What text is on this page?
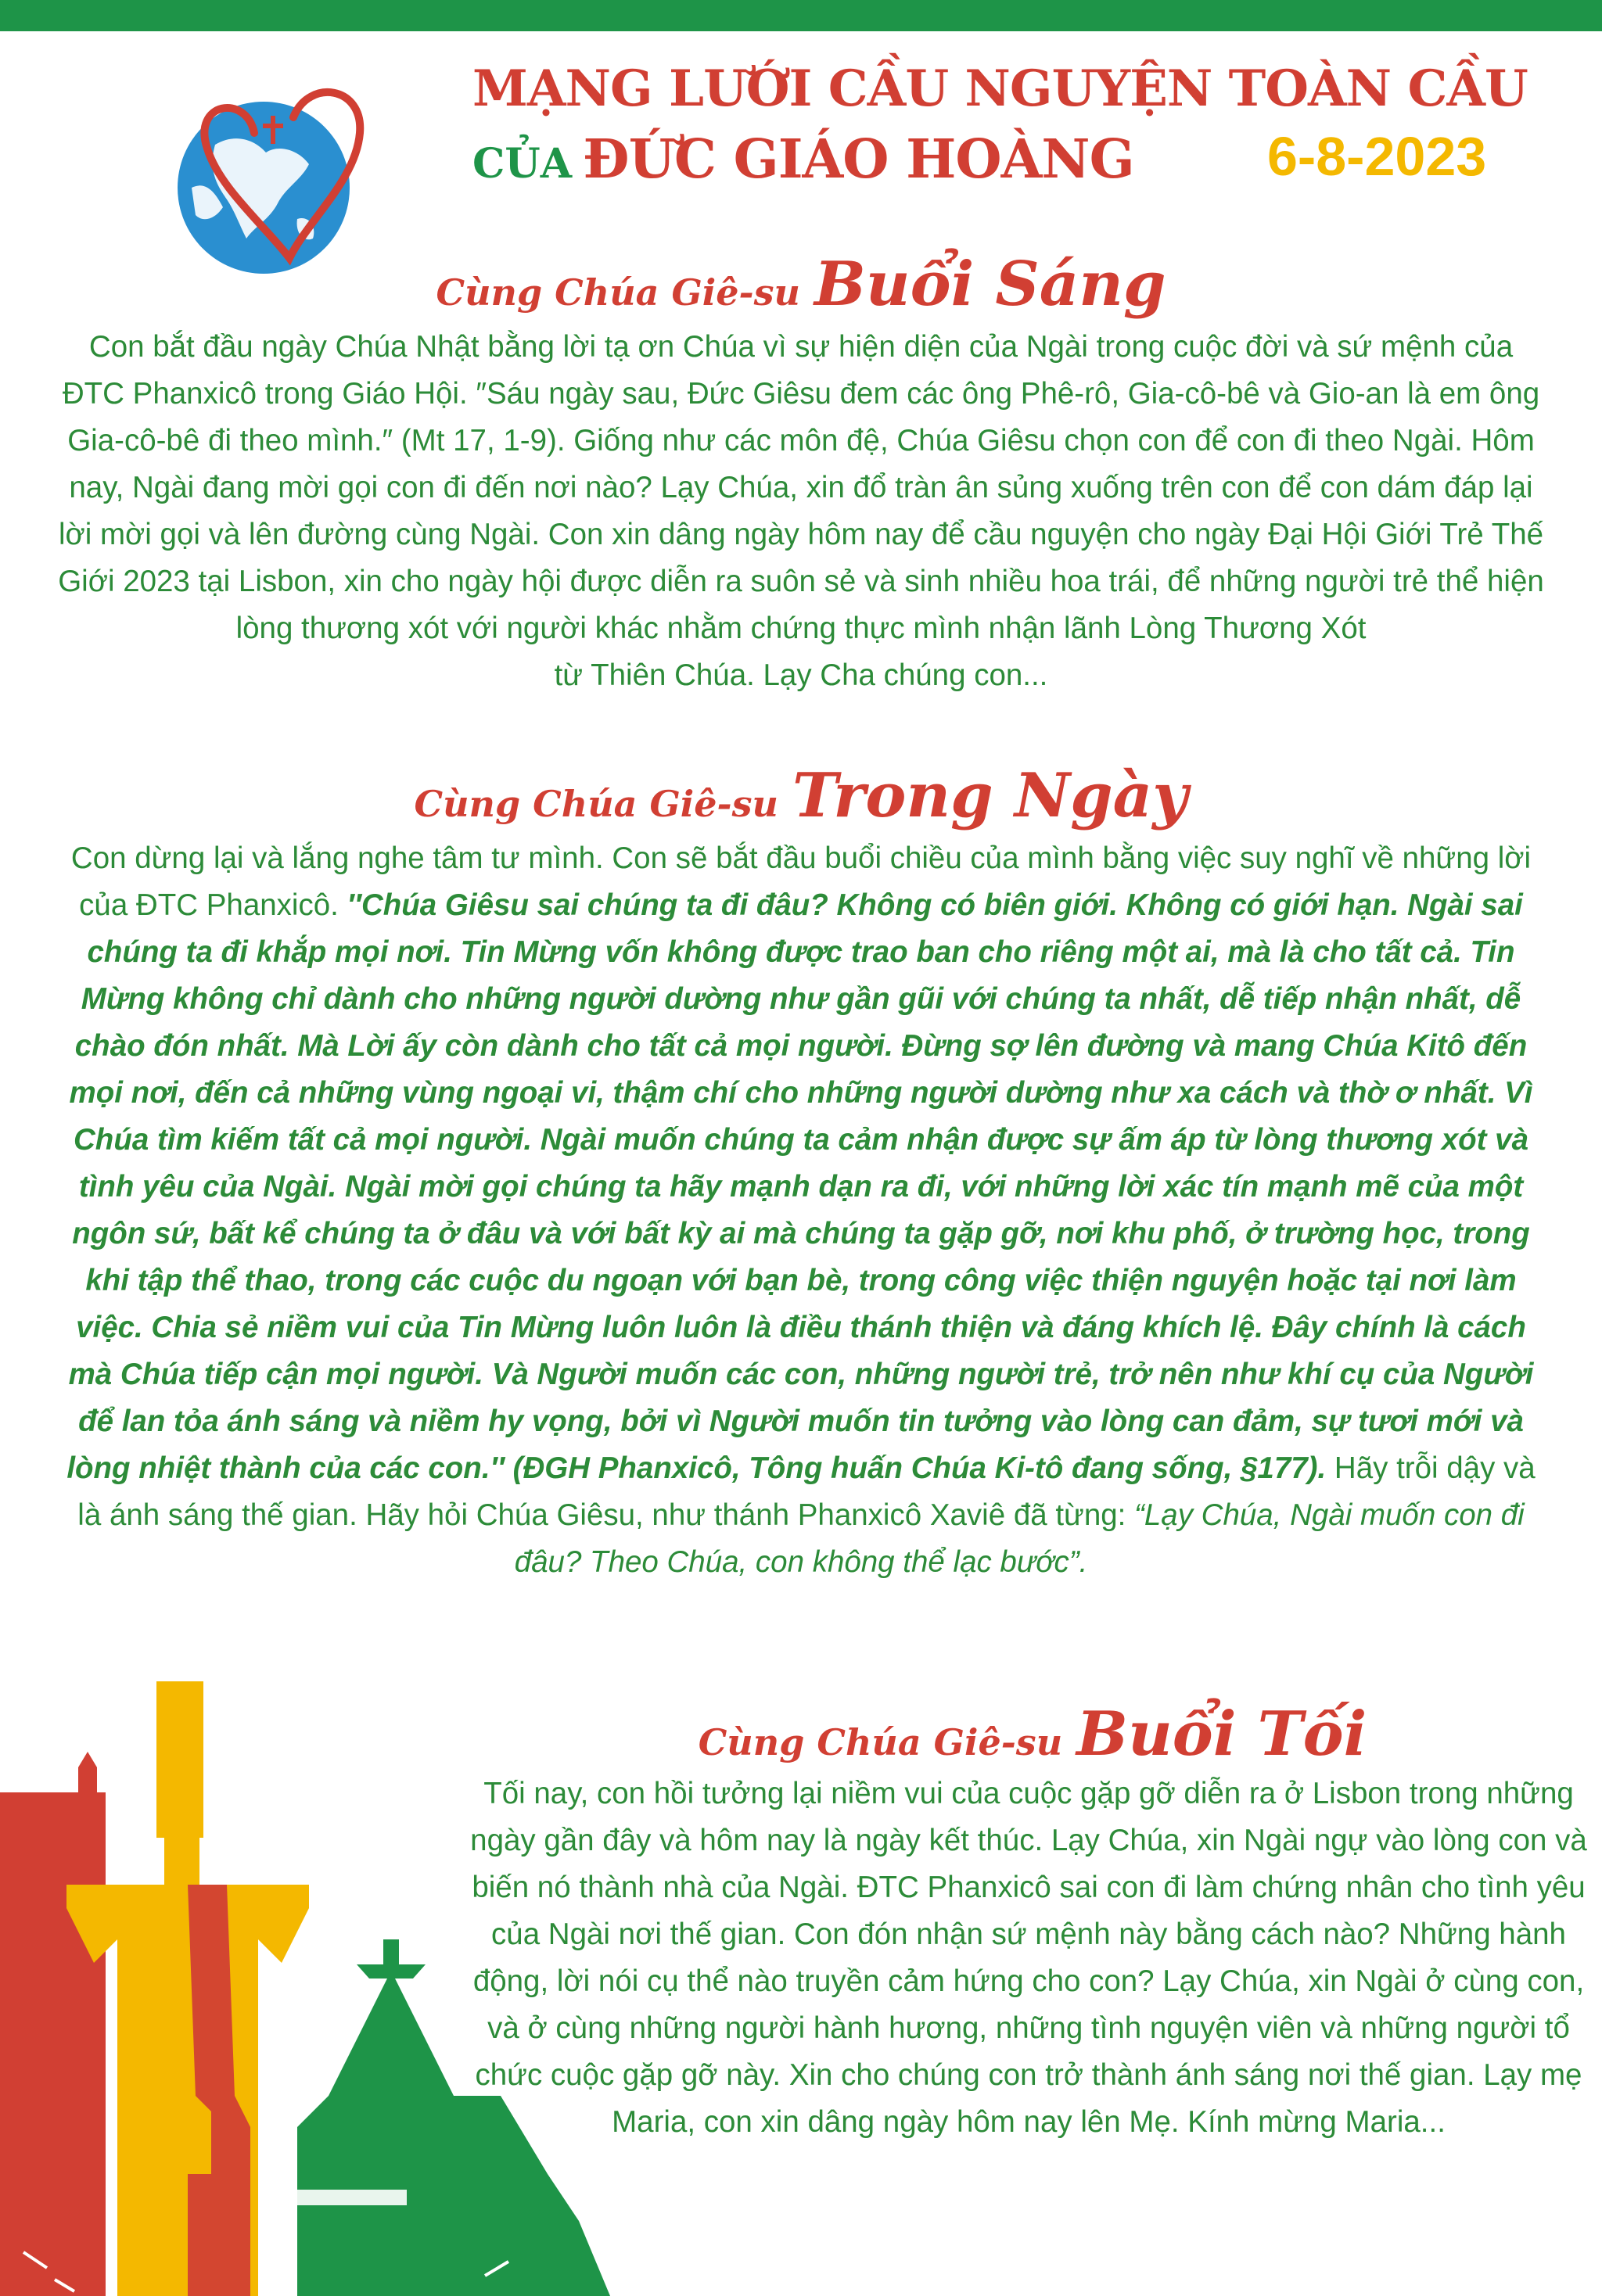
MẠNG LƯỚI CẦU NGUYỆN TOÀN CẦU
CỦA ĐỨC GIÁO HOÀNG	6-8-2023
Cùng Chúa Giê-su Buổi Sáng

Con bắt đầu ngày Chúa Nhật bằng lời tạ ơn Chúa vì sự hiện diện của Ngài trong cuộc đời và sứ mệnh của ĐTC Phanxicô trong Giáo Hội. ″Sáu ngày sau, Đức Giêsu đem các ông Phê-rô, Gia-cô-bê và Gio-an là em ông Gia-cô-bê đi theo mình.″ (Mt 17, 1-9). Giống như các môn đệ, Chúa Giêsu chọn con để con đi theo Ngài. Hôm nay, Ngài đang mời gọi con đi đến nơi nào? Lạy Chúa, xin đổ tràn ân sủng xuống trên con để con dám đáp lại lời mời gọi và lên đường cùng Ngài. Con xin dâng ngày hôm nay để cầu nguyện cho ngày Đại Hội Giới Trẻ Thế Giới 2023 tại Lisbon, xin cho ngày hội được diễn ra suôn sẻ và sinh nhiều hoa trái, để những người trẻ thể hiện lòng thương xót với người khác nhằm chứng thực mình nhận lãnh Lòng Thương Xót

từ Thiên Chúa. Lạy Cha chúng con...

Cùng Chúa Giê-su Trong Ngày
Con dừng lại và lắng nghe tâm tư mình. Con sẽ bắt đầu buổi chiều của mình bằng việc suy nghĩ về những lời của ĐTC Phanxicô. ″Chúa Giêsu sai chúng ta đi đâu? Không có biên giới. Không có giới hạn. Ngài sai chúng ta đi khắp mọi nơi. Tin Mừng vốn không được trao ban cho riêng một ai, mà là cho tất cả. Tin Mừng không chỉ dành cho những người dường như gần gũi với chúng ta nhất, dễ tiếp nhận nhất, dễ chào đón nhất. Mà Lời ấy còn dành cho tất cả mọi người. Đừng sợ lên đường và mang Chúa Kitô đến mọi nơi, đến cả những vùng ngoại vi, thậm chí cho những người dường như xa cách và thờ ơ nhất. Vì Chúa tìm kiếm tất cả mọi người. Ngài muốn chúng ta cảm nhận được sự ấm áp từ lòng thương xót và tình yêu của Ngài. Ngài mời gọi chúng ta hãy mạnh dạn ra đi, với những lời xác tín mạnh mẽ của một ngôn sứ, bất kể chúng ta ở đâu và với bất kỳ ai mà chúng ta gặp gỡ, nơi khu phố, ở trường học, trong khi tập thể thao, trong các cuộc du ngoạn với bạn bè, trong công việc thiện nguyện hoặc tại nơi làm việc. Chia sẻ niềm vui của Tin Mừng luôn luôn là điều thánh thiện và đáng khích lệ. Đây chính là cách mà Chúa tiếp cận mọi người. Và Người muốn các con, những người trẻ, trở nên như khí cụ của Người để lan tỏa ánh sáng và niềm hy vọng, bởi vì Người muốn tin tưởng vào lòng can đảm, sự tươi mới và lòng nhiệt thành của các con.″ (ĐGH Phanxicô, Tông huấn Chúa Ki-tô đang sống, §177). Hãy trỗi dậy và là ánh sáng thế gian. Hãy hỏi Chúa Giêsu, như thánh Phanxicô Xaviê đã từng: “Lạy Chúa, Ngài muốn con đi đâu? Theo Chúa, con không thể lạc bước”.
Cùng Chúa Giê-su Buổi Tối

Tối nay, con hồi tưởng lại niềm vui của cuộc gặp gỡ diễn ra ở Lisbon trong những ngày gần đây và hôm nay là ngày kết thúc. Lạy Chúa, xin Ngài ngự vào lòng con và biến nó thành nhà của Ngài. ĐTC Phanxicô sai con đi làm chứng nhân cho tình yêu của Ngài nơi thế gian. Con đón nhận sứ mệnh này bằng cách nào? Những hành động, lời nói cụ thể nào truyền cảm hứng cho con? Lạy Chúa, xin Ngài ở cùng con, và ở cùng những người hành hương, những tình nguyện viên và những người tổ chức cuộc gặp gỡ này. Xin cho chúng con trở thành ánh sáng nơi thế gian. Lạy mẹ Maria, con xin dâng ngày hôm nay lên Mẹ. Kính mừng Maria...
